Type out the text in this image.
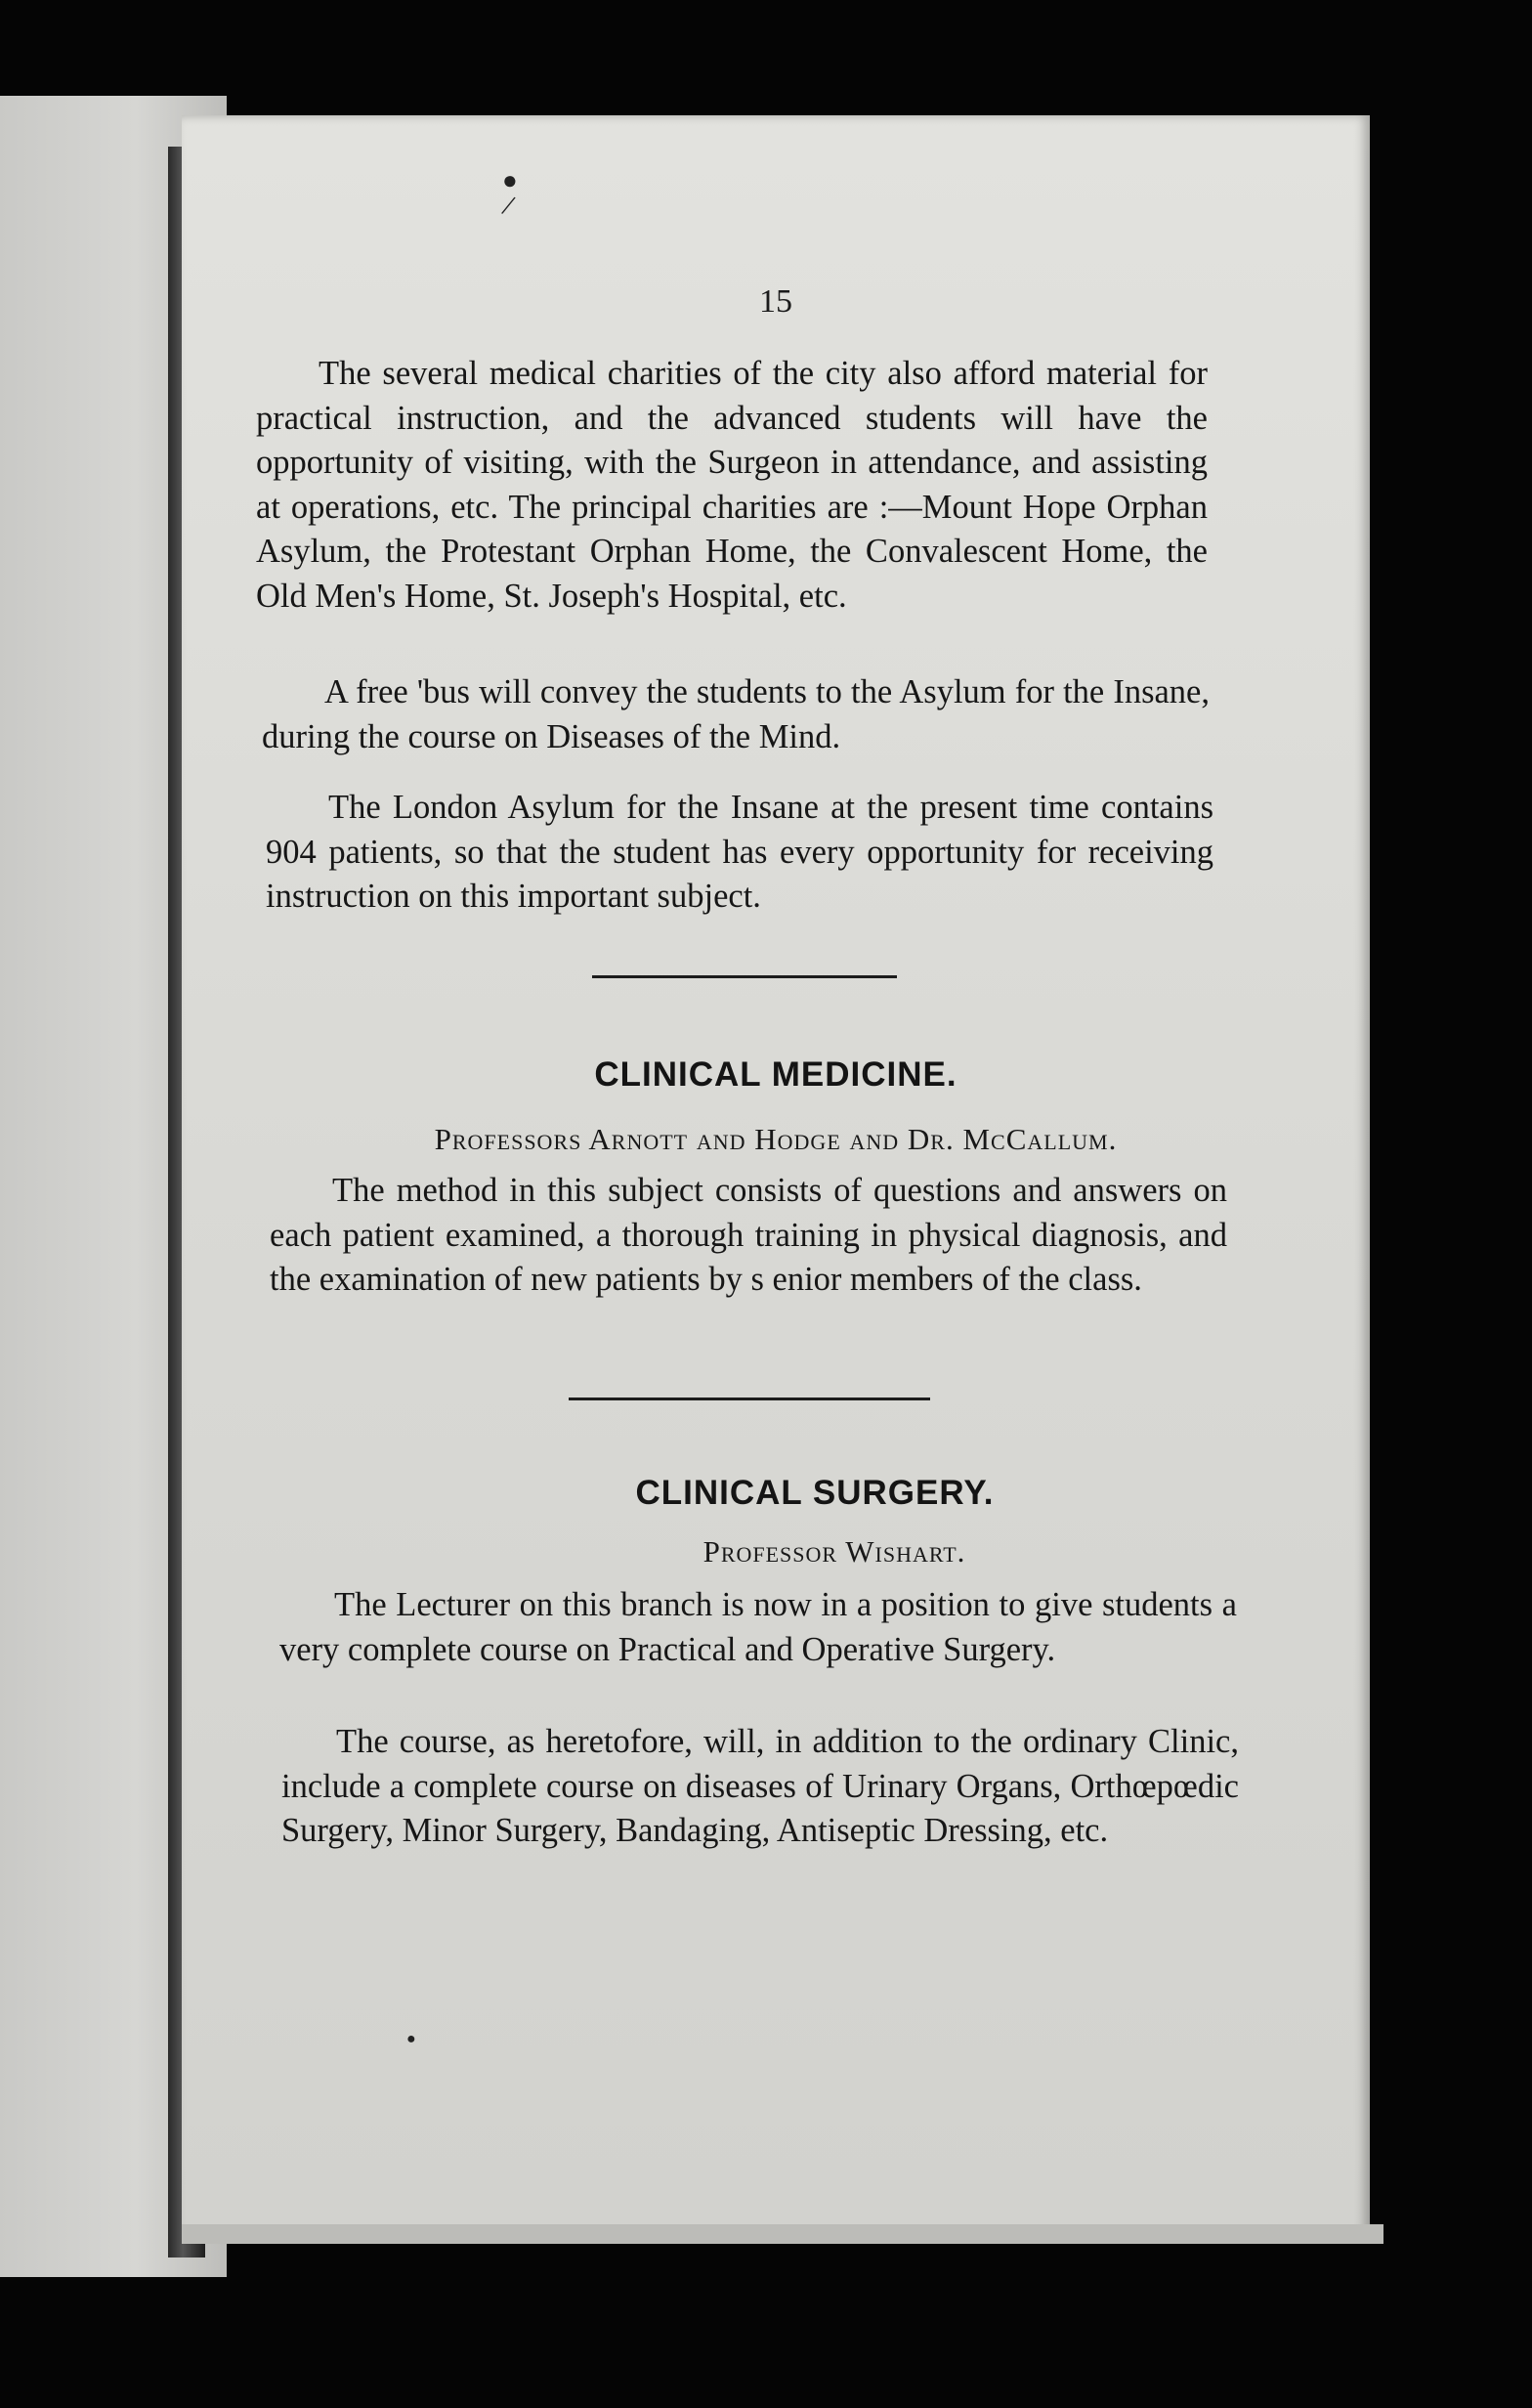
/
●
15

The several medical charities of the city also afford material for practical instruction, and the advanced students will have the opportunity of visiting, with the Surgeon in attendance, and assisting at operations, etc. The principal charities are :—Mount Hope Orphan Asylum, the Protestant Orphan Home, the Convalescent Home, the Old Men's Home, St. Joseph's Hospital, etc.

A free 'bus will convey the students to the Asylum for the Insane, during the course on Diseases of the Mind.

The London Asylum for the Insane at the present time contains 904 patients, so that the student has every opportunity for receiving instruction on this important subject.

CLINICAL MEDICINE.

Professors Arnott and Hodge and Dr. McCallum.

The method in this subject consists of questions and answers on each patient examined, a thorough training in physical diagnosis, and the examination of new patients by s enior members of the class.

CLINICAL SURGERY.

Professor Wishart.

The Lecturer on this branch is now in a position to give students a very complete course on Practical and Operative Surgery.

The course, as heretofore, will, in addition to the ordinary Clinic, include a complete course on diseases of Urinary Organs, Orthœpœdic Surgery, Minor Surgery, Bandaging, Antiseptic Dressing, etc.

●
